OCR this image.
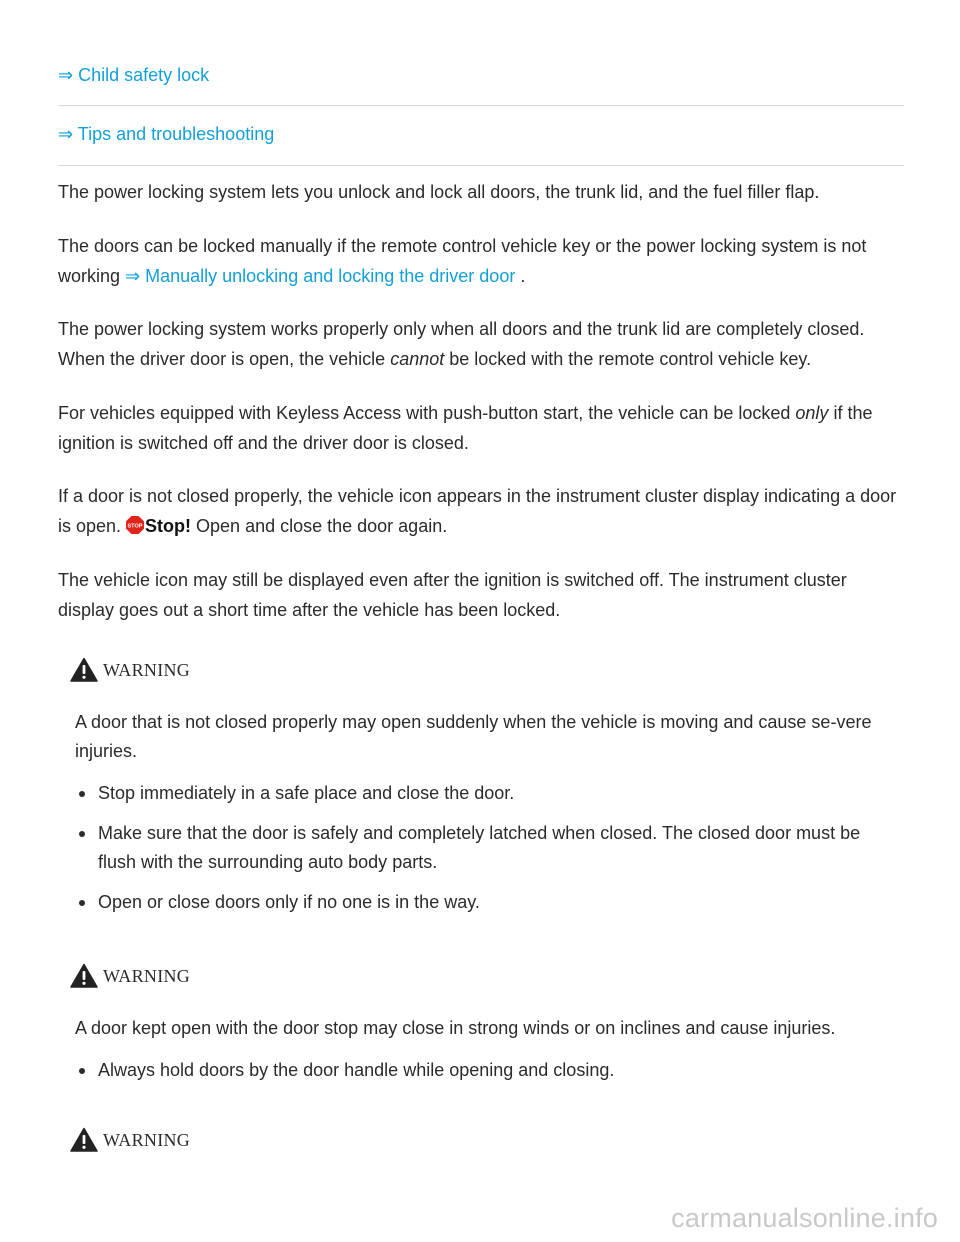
⇒ Child safety lock
⇒ Tips and troubleshooting

The power locking system lets you unlock and lock all doors, the trunk lid, and the fuel filler flap.

The doors can be locked manually if the remote control vehicle key or the power locking system is not working ⇒ Manually unlocking and locking the driver door .

The power locking system works properly only when all doors and the trunk lid are completely closed. When the driver door is open, the vehicle cannot be locked with the remote control vehicle key.

For vehicles equipped with Keyless Access with push-button start, the vehicle can be locked only if the ignition is switched off and the driver door is closed.

If a door is not closed properly, the vehicle icon appears in the instrument cluster display indicating a door is open. STOP Stop! Open and close the door again.

The vehicle icon may still be displayed even after the ignition is switched off. The instrument cluster display goes out a short time after the vehicle has been locked.

WARNING

A door that is not closed properly may open suddenly when the vehicle is moving and cause se-vere injuries.

Stop immediately in a safe place and close the door.
Make sure that the door is safely and completely latched when closed. The closed door must be flush with the surrounding auto body parts.
Open or close doors only if no one is in the way.
WARNING

A door kept open with the door stop may close in strong winds or on inclines and cause injuries.

Always hold doors by the door handle while opening and closing.
WARNING
carmanualsonline.info
